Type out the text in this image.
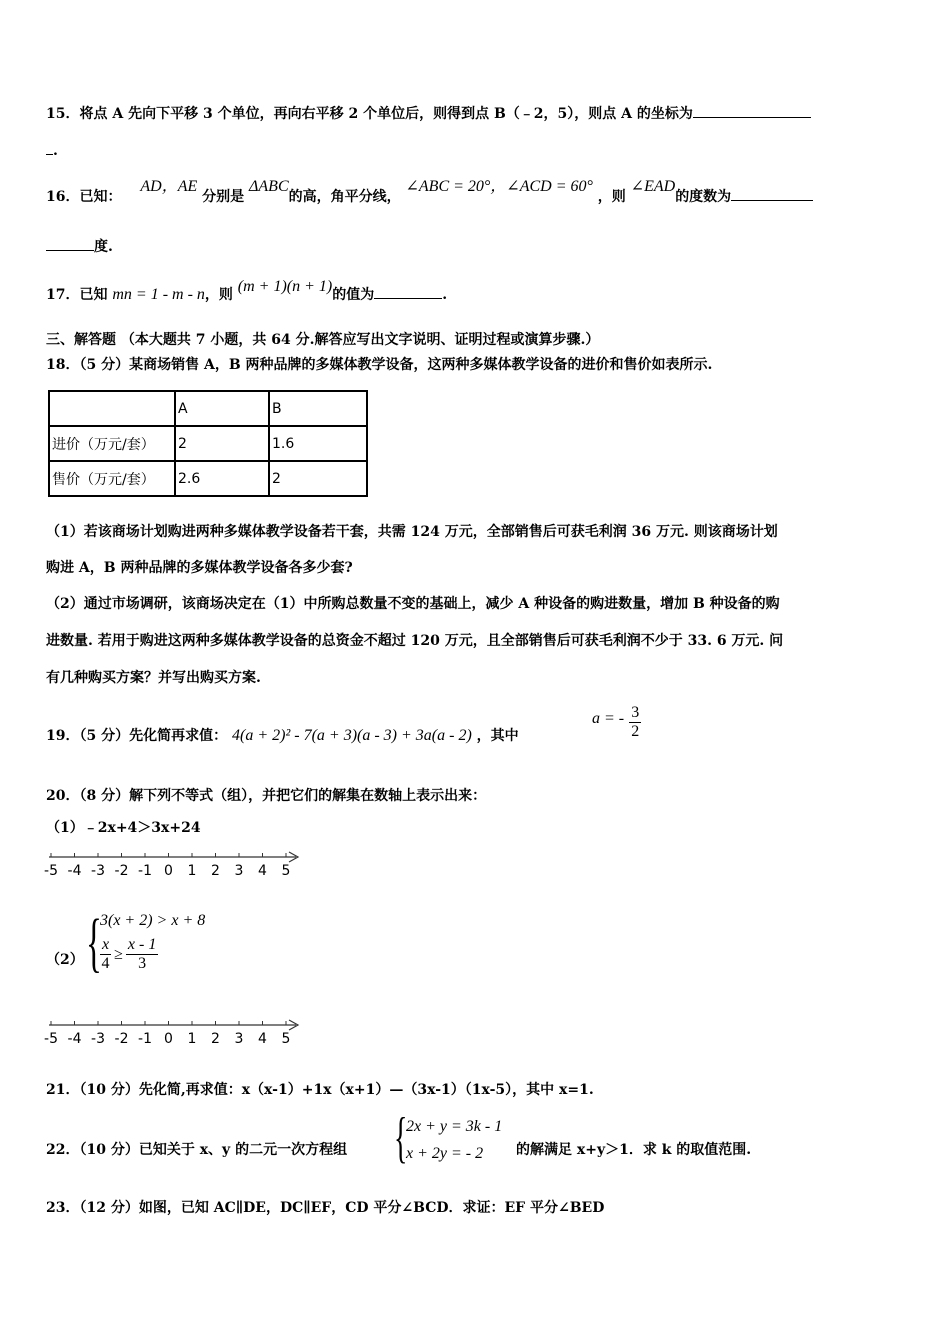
15．将点 A 先向下平移 3 个单位，再向右平移 2 个单位后，则得到点 B（﹣2，5），则点 A 的坐标为
.
16．已知： AD，AE 分别是 ΔABC的高，角平分线， ∠ABC = 20°，∠ACD = 60° ，则 ∠EAD的度数为
度.
17．已知 mn = 1 - m - n，则 (m + 1)(n + 1)的值为	.
三、解答题 （本大题共 7 小题，共 64 分.解答应写出文字说明、证明过程或演算步骤.）
18．（5 分）某商场销售 A，B 两种品牌的多媒体教学设备，这两种多媒体教学设备的进价和售价如表所示.
	A	B
进价（万元/套）	2	1.6
售价（万元/套）	2.6	2
（1）若该商场计划购进两种多媒体教学设备若干套，共需 124 万元，全部销售后可获毛利润 36 万元. 则该商场计划
购进 A，B 两种品牌的多媒体教学设备各多少套?
（2）通过市场调研，该商场决定在（1）中所购总数量不变的基础上，减少 A 种设备的购进数量，增加 B 种设备的购
进数量. 若用于购进这两种多媒体教学设备的总资金不超过 120 万元，且全部销售后可获毛利润不少于 33. 6 万元. 问
有几种购买方案？并写出购买方案.
19．（5 分）先化简再求值： 4(a + 2)² - 7(a + 3)(a - 3) + 3a(a - 2) ，其中
a = - $\frac{3}{2}$
20．（8 分）解下列不等式（组），并把它们的解集在数轴上表示出来：
（1）﹣2x+4＞3x+24
-5 -4 -3 -2 -1 0 1 2 3 4 5
（2） {
3(x + 2) > x + 8
$\frac{x}{4} \ge \frac{x - 1}{3}$
-5 -4 -3 -2 -1 0 1 2 3 4 5
21．（10 分）先化简,再求值：x（x-1）+1x（x+1）—（3x-1）（1x-5），其中 x=1.
22．（10 分）已知关于 x、y 的二元一次方程组 {
2x + y = 3k - 1
x + 2y = - 2	的解满足 x+y＞1．求 k 的取值范围.
23．（12 分）如图，已知 AC∥DE，DC∥EF，CD 平分∠BCD．求证：EF 平分∠BED
